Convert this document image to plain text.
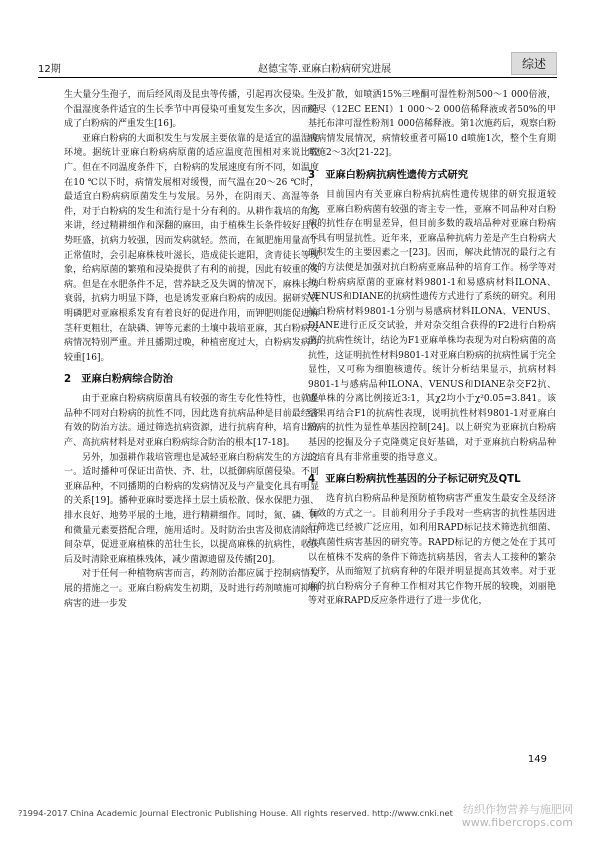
12期	赵德宝等.亚麻白粉病研究进展	综述

生大量分生孢子，而后经风雨及昆虫等传播，引起再次侵染。一个温湿度条件适宜的生长季节中再侵染可重复发生多次，因而造成了白粉病的严重发生[16]。

亚麻白粉病的大面积发生与发展主要依靠的是适宜的温湿度环境。据统计亚麻白粉病病原菌的适应温度范围相对来说比较广。但在不同温度条件下，白粉病的发展速度有所不同，如温度在10 ℃以下时，病情发展相对缓慢，而气温在20～26 ℃时，最适宜白粉病病原菌发生与发展。另外，在阴雨天、高湿等条件，对于白粉病的发生和流行是十分有利的。从耕作栽培的角度来讲，经过精耕细作和深翻的麻田，由于植株生长条件较好且长势旺盛，抗病力较强，因而发病就轻。然而，在氮肥施用量高于正常值时，会引起麻株枝叶滋长，造成徒长遮阳，贪青徒长等现象，给病原菌的繁殖和浸染提供了有利的前提，因此有较重的发病。但是在水肥条件不足，营养缺乏及失调的情况下，麻株长势衰弱，抗病力明显下降，也是诱发亚麻白粉病的成因。据研究表明磷肥对亚麻根系发育有着良好的促进作用，而钾肥则能促进麻茎秆更粗壮，在缺磷、钾等元素的土壤中栽培亚麻，其白粉病发病情况特别严重。并且播期过晚，种植密度过大，白粉病发病均较重[16]。

2　亚麻白粉病综合防治

由于亚麻白粉病病原菌具有较强的寄生专化性特性，也就是品种不同对白粉病的抗性不同，因此选育抗病品种是目前最经济有效的防治方法。通过筛选抗病资源，进行抗病育种，培育出高产、高抗病材料是对亚麻白粉病综合防治的根本[17-18]。

另外，加强耕作栽培管理也是减轻亚麻白粉病发生的方法之一。适时播种可保证出苗快、齐、壮，以抵御病原菌侵染。不同亚麻品种，不同播期的白粉病的发病情况及与产量变化具有明显的关系[19]。播种亚麻时要选择土层土质松散、保水保肥力强、排水良好、地势平展的土地，进行精耕细作。同时，氮、磷、钾和微量元素要搭配合理，施用适时。及时防治虫害及彻底清除田间杂草，促进亚麻植株的茁壮生长，以提高麻株的抗病性，收获后及时清除亚麻植株残体，减少菌源遗留及传播[20]。

对于任何一种植物病害而言，药剂防治都应属于控制病情发展的措施之一。亚麻白粉病发生初期，及时进行药剂喷施可抑制病害的进一步发

生及扩散，如喷洒15%三唑酮可湿性粉剂500～1 000倍液，粉尽（12EC EENI）1 000～2 000倍稀释液或者50%的甲基托布津可湿性粉剂1 000倍稀释液。第1次施药后，观察白粉病病情发展情况，病情较重者可隔10 d喷施1次，整个生育期喷施2～3次[21-22]。

3　亚麻白粉病抗病性遗传方式研究

目前国内有关亚麻白粉病抗病性遗传规律的研究报道较少，亚麻白粉病菌有较强的寄主专一性，亚麻不同品种对白粉病的抗性存在明显差异，但目前多数的栽培品种对亚麻白粉病不具有明显抗性。近年来，亚麻品种抗病力差是产生白粉病大面积发生的主要因素之一[23]。因而，解决此情况的最行之有效的方法便是加强对抗白粉病亚麻品种的培育工作。杨学等对抗白粉病病原菌的亚麻材料9801-1和易感病材料ILONA、VENUS和DIANE的抗病性遗传方式进行了系统的研究。利用抗白粉病材料9801-1分别与易感病材料ILONA、VENUS、DIANE进行正反交试验，并对杂交组合获得的F2进行白粉病菌的抗病性统计，结论为F1亚麻单株均表现为对白粉病菌的高抗性，这证明抗性材料9801-1对亚麻白粉病的抗病性属于完全显性，又可称为细胞核遗传。统计分析结果显示，抗病材料9801-1与感病品种ILONA、VENUS和DIANE杂交F2抗、感单株的分离比例接近3:1，其χ2均小于χ²0.05=3.841。该结果再结合F1的抗病性表现，说明抗性材料9801-1对亚麻白粉病的抗性为显性单基因控制[24]。以上研究为亚麻抗白粉病基因的挖掘及分子克隆奠定良好基础，对于亚麻抗白粉病品种的培育具有非常重要的指导意义。

4　亚麻白粉病抗性基因的分子标记研究及QTL

选育抗白粉病品种是预防植物病害严重发生最安全及经济有效的方式之一。目前利用分子手段对一些病害的抗性基因进行筛选已经被广泛应用，如利用RAPD标记技术筛选抗细菌、抗真菌性病害基因的研究等。RAPD标记的方便之处在于其可以在植株不发病的条件下筛选抗病基因，省去人工接种的繁杂工序，从而缩短了抗病育种的年限并明显提高其效率。对于亚麻的抗白粉病分子育种工作相对其它作物开展的较晚，刘丽艳等对亚麻RAPD反应条件进行了进一步优化，

149
?1994-2017 China Academic Journal Electronic Publishing House. All rights reserved. http://www.cnki.net 纺织作物营养与施肥网
www.fibercrops.com
